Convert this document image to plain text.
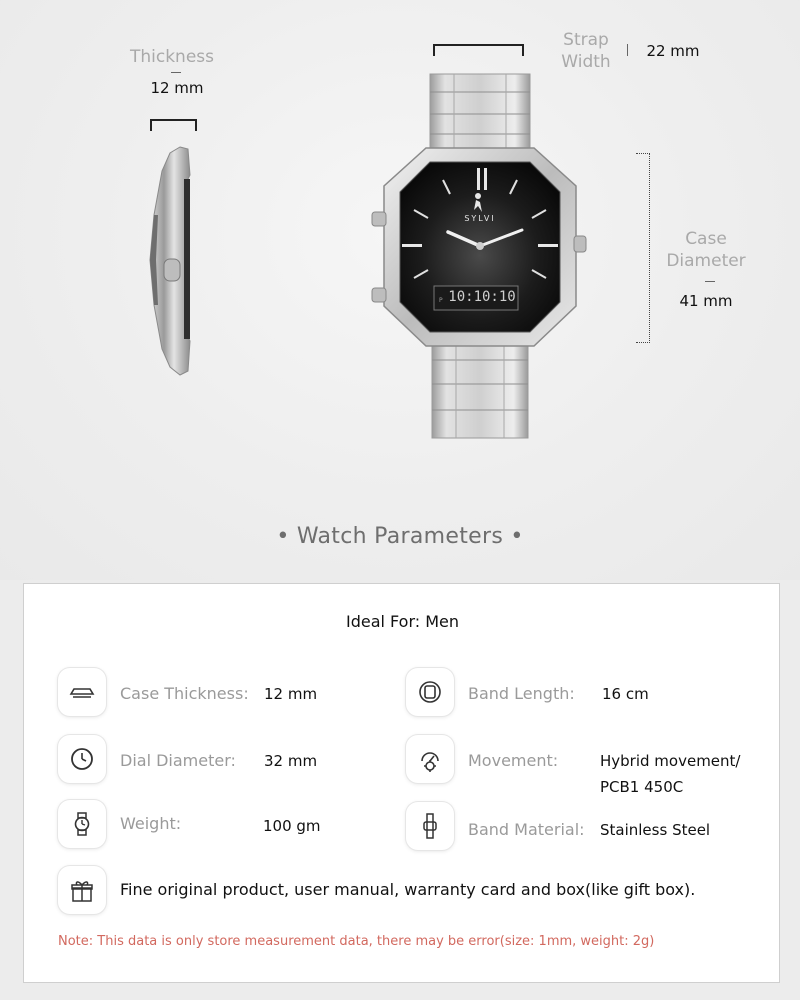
Thickness
12 mm
Strap
Width
22 mm
Case
Diameter
41 mm
SYLVI
P 10:10:10
• Watch Parameters •
Ideal For: Men
Case Thickness: 12 mm	Band Length: 16 cm
Dial Diameter: 32 mm	Movement:	Hybrid movement/
PCB1 450C
Weight:	100 gm	Band Material: Stainless Steel
Fine original product, user manual, warranty card and box(like gift box).
Note: This data is only store measurement data, there may be error(size: 1mm, weight: 2g)
